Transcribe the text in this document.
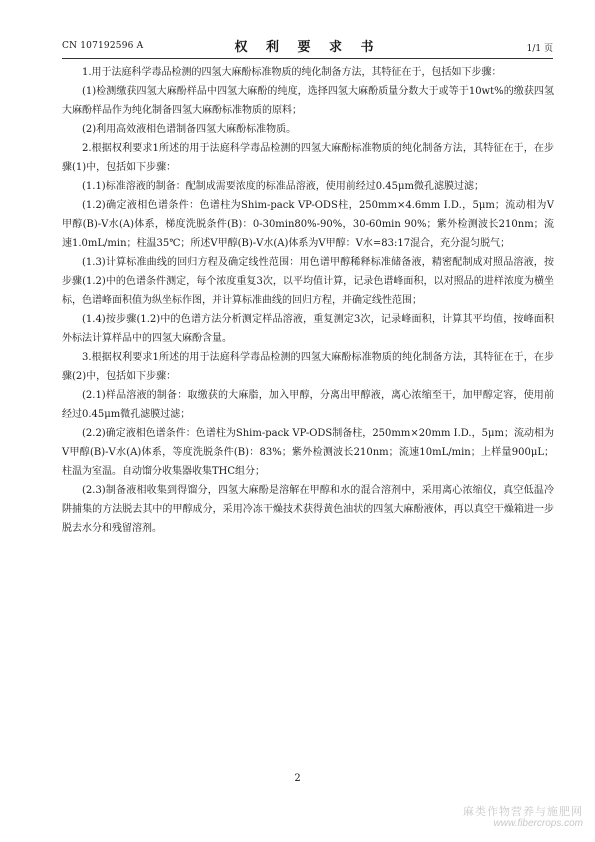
CN 107192596 A	权 利 要 求 书	1/1 页

1.用于法庭科学毒品检测的四氢大麻酚标准物质的纯化制备方法，其特征在于，包括如下步骤：

(1)检测缴获四氢大麻酚样品中四氢大麻酚的纯度，选择四氢大麻酚质量分数大于或等于10wt%的缴获四氢大麻酚样品作为纯化制备四氢大麻酚标准物质的原料；

(2)利用高效液相色谱制备四氢大麻酚标准物质。

2.根据权利要求1所述的用于法庭科学毒品检测的四氢大麻酚标准物质的纯化制备方法，其特征在于，在步骤(1)中，包括如下步骤：

(1.1)标准溶液的制备：配制成需要浓度的标准品溶液，使用前经过0.45μm微孔滤膜过滤；

(1.2)确定液相色谱条件：色谱柱为Shim-pack VP-ODS柱，250mm×4.6mm I.D.，5μm；流动相为V甲醇(B)-V水(A)体系，梯度洗脱条件(B)：0-30min80%-90%，30-60min 90%；紫外检测波长210nm；流速1.0mL/min；柱温35℃；所述V甲醇(B)-V水(A)体系为V甲醇：V水=83:17混合，充分混匀脱气；

(1.3)计算标准曲线的回归方程及确定线性范围：用色谱甲醇稀释标准储备液，精密配制成对照品溶液，按步骤(1.2)中的色谱条件测定，每个浓度重复3次，以平均值计算，记录色谱峰面积，以对照品的进样浓度为横坐标，色谱峰面积值为纵坐标作图，并计算标准曲线的回归方程，并确定线性范围；

(1.4)按步骤(1.2)中的色谱方法分析测定样品溶液，重复测定3次，记录峰面积，计算其平均值，按峰面积外标法计算样品中的四氢大麻酚含量。

3.根据权利要求1所述的用于法庭科学毒品检测的四氢大麻酚标准物质的纯化制备方法，其特征在于，在步骤(2)中，包括如下步骤：

(2.1)样品溶液的制备：取缴获的大麻脂，加入甲醇，分离出甲醇液，离心浓缩至干，加甲醇定容，使用前经过0.45μm微孔滤膜过滤；

(2.2)确定液相色谱条件：色谱柱为Shim-pack VP-ODS制备柱，250mm×20mm I.D.，5μm；流动相为V甲醇(B)-V水(A)体系，等度洗脱条件(B)：83%；紫外检测波长210nm；流速10mL/min；上样量900μL；柱温为室温。自动馏分收集器收集THC组分；

(2.3)制备液相收集到得馏分，四氢大麻酚是溶解在甲醇和水的混合溶剂中，采用离心浓缩仪，真空低温冷阱捕集的方法脱去其中的甲醇成分，采用冷冻干燥技术获得黄色油状的四氢大麻酚液体，再以真空干燥箱进一步脱去水分和残留溶剂。

2
麻类作物营养与施肥网
www.fibercrops.com
